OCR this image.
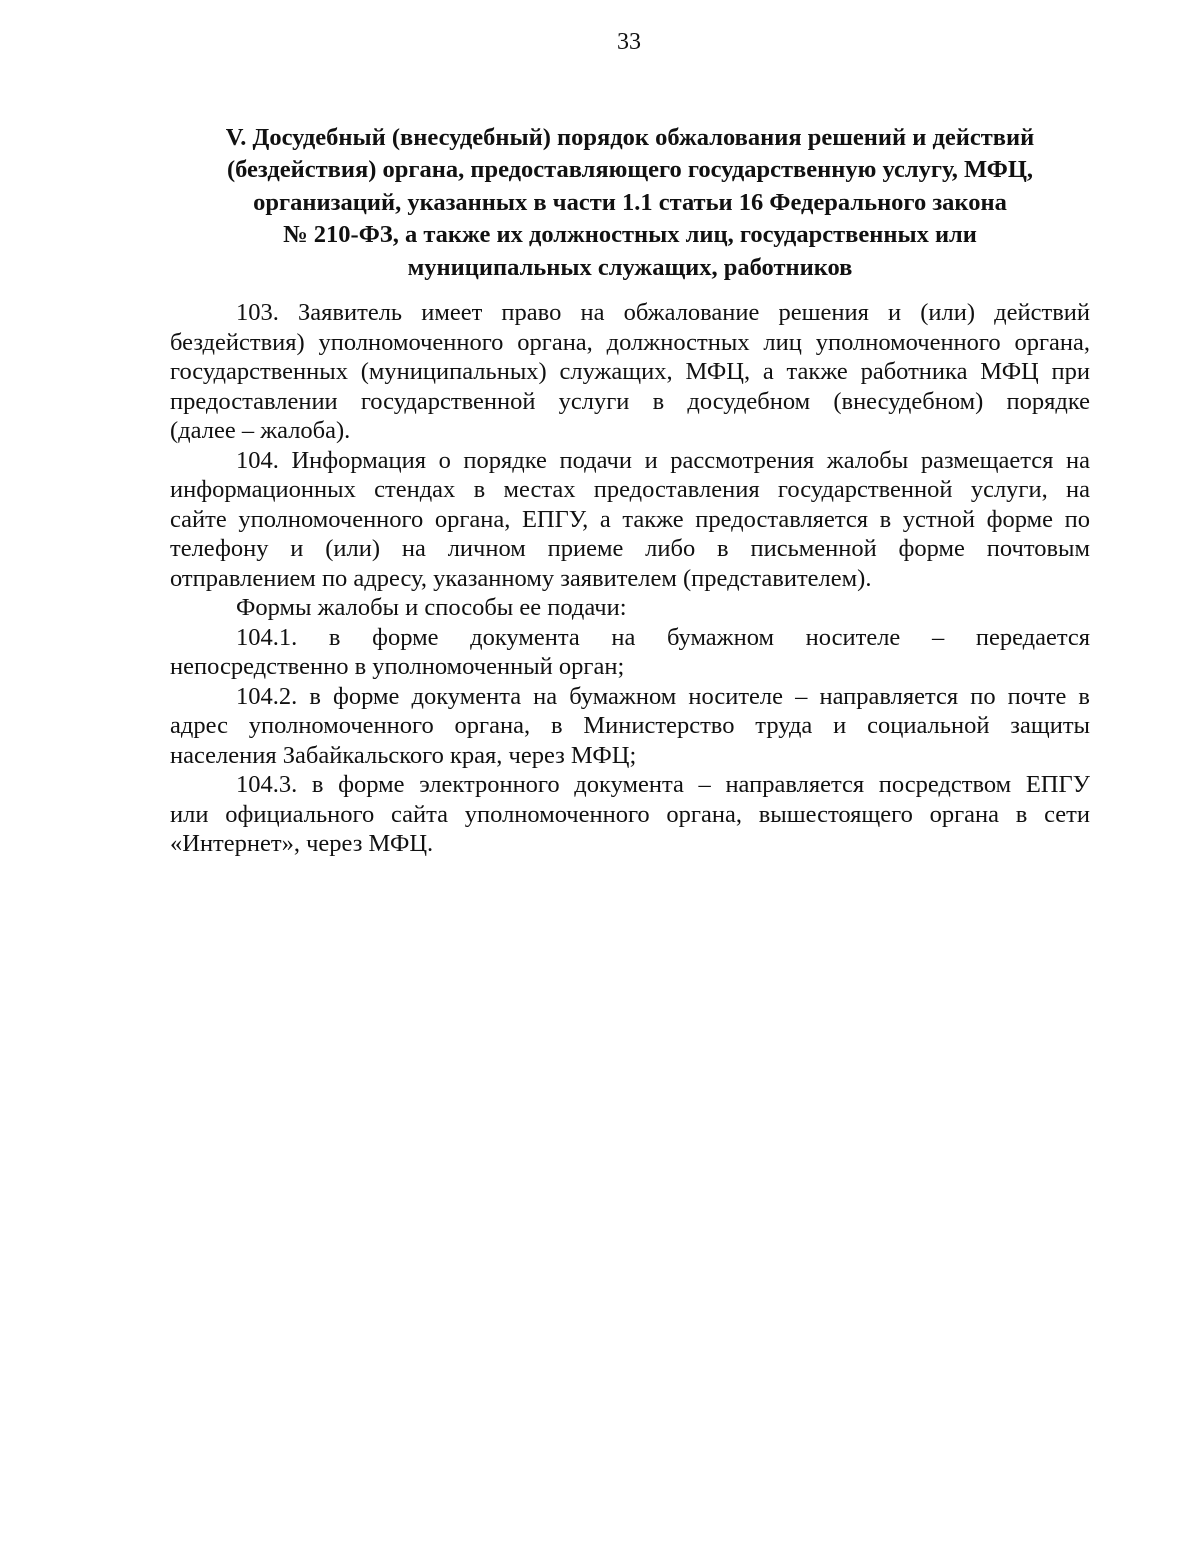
33
V. Досудебный (внесудебный) порядок обжалования решений и действий
(бездействия) органа, предоставляющего государственную услугу, МФЦ,
организаций, указанных в части 1.1 статьи 16 Федерального закона
№ 210-ФЗ, а также их должностных лиц, государственных или
муниципальных служащих, работников
103. Заявитель имеет право на обжалование решения и (или) действий
бездействия) уполномоченного органа, должностных лиц уполномоченного органа,
государственных (муниципальных) служащих, МФЦ, а также работника МФЦ при
предоставлении государственной услуги в досудебном (внесудебном) порядке
(далее – жалоба).
104. Информация о порядке подачи и рассмотрения жалобы размещается на
информационных стендах в местах предоставления государственной услуги, на
сайте уполномоченного органа, ЕПГУ, а также предоставляется в устной форме по
телефону и (или) на личном приеме либо в письменной форме почтовым
отправлением по адресу, указанному заявителем (представителем).
Формы жалобы и способы ее подачи:
104.1. в форме документа на бумажном носителе – передается
непосредственно в уполномоченный орган;
104.2. в форме документа на бумажном носителе – направляется по почте в
адрес уполномоченного органа, в Министерство труда и социальной защиты
населения Забайкальского края, через МФЦ;
104.3. в форме электронного документа – направляется посредством ЕПГУ
или официального сайта уполномоченного органа, вышестоящего органа в сети
«Интернет», через МФЦ.
